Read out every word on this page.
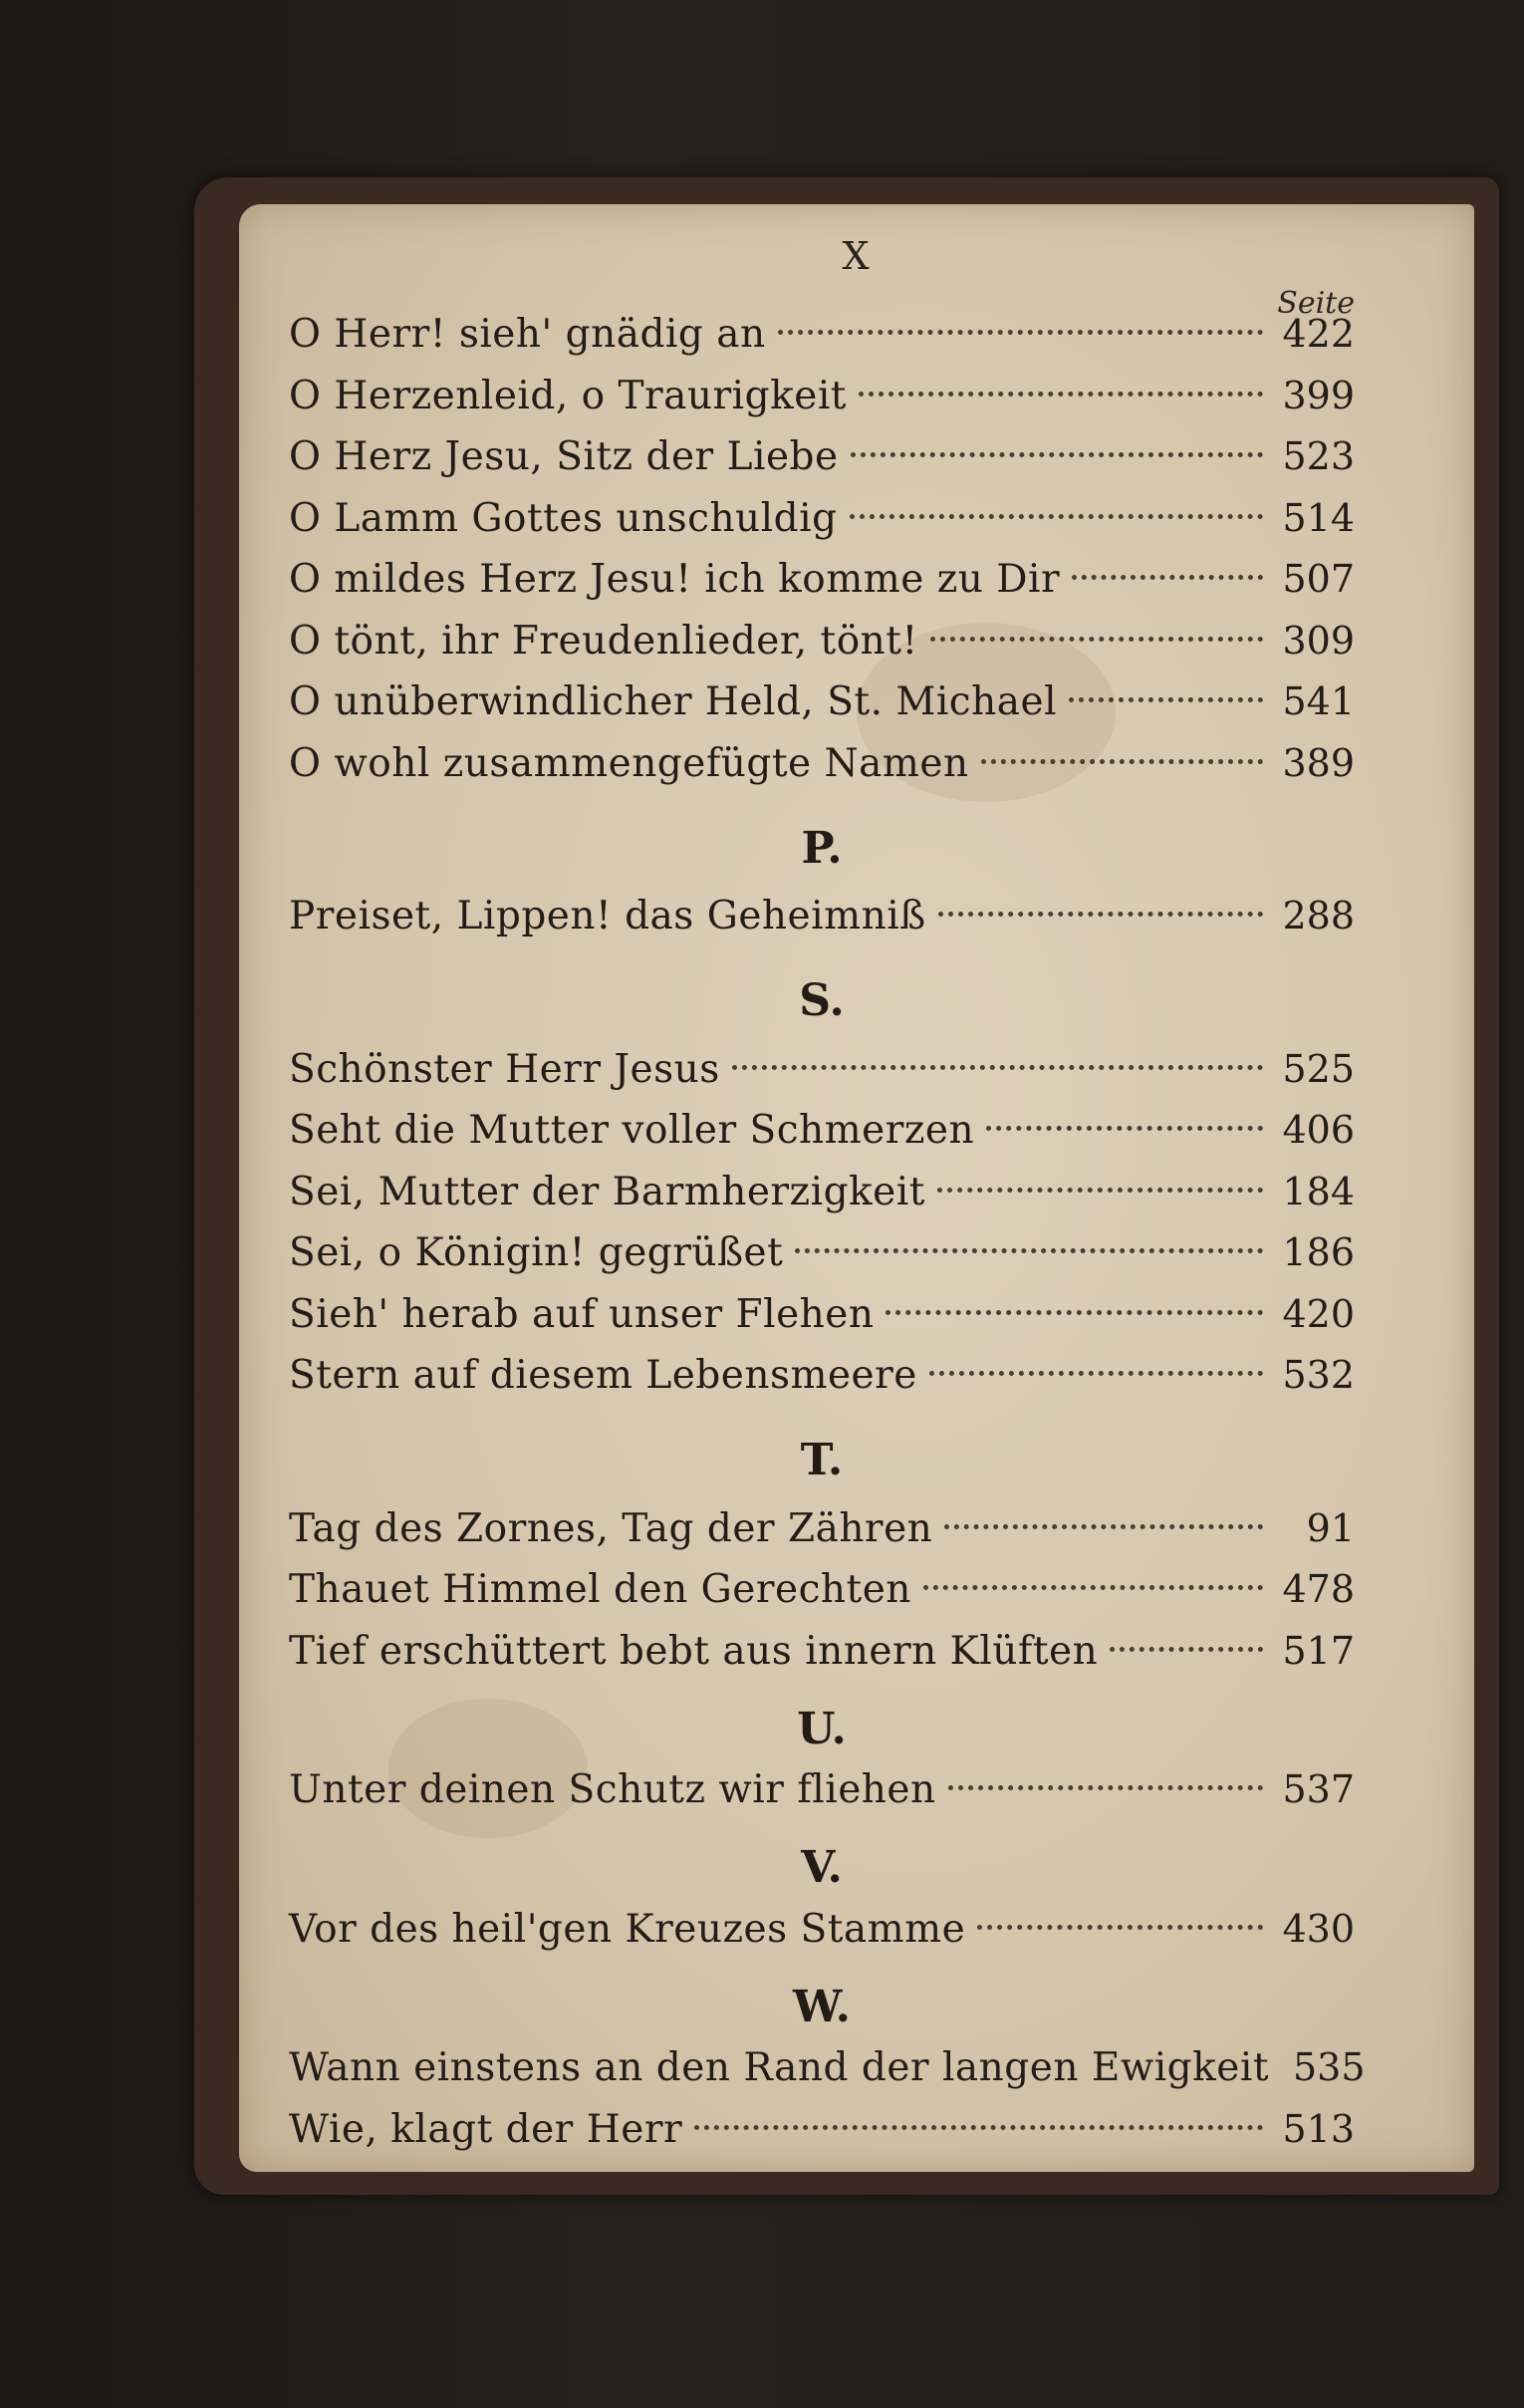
X
Seite
O Herr! sieh' gnädig an	422
O Herzenleid, o Traurigkeit	399
O Herz Jesu, Sitz der Liebe	523
O Lamm Gottes unschuldig	514
O mildes Herz Jesu! ich komme zu Dir	507
O tönt, ihr Freudenlieder, tönt!	309
O unüberwindlicher Held, St. Michael	541
O wohl zusammengefügte Namen	389
P.
Preiset, Lippen! das Geheimniß	288
S.
Schönster Herr Jesus	525
Seht die Mutter voller Schmerzen	406
Sei, Mutter der Barmherzigkeit	184
Sei, o Königin! gegrüßet	186
Sieh' herab auf unser Flehen	420
Stern auf diesem Lebensmeere	532
T.
Tag des Zornes, Tag der Zähren	91
Thauet Himmel den Gerechten	478
Tief erschüttert bebt aus innern Klüften	517
U.
Unter deinen Schutz wir fliehen	537
V.
Vor des heil'gen Kreuzes Stamme	430
W.
Wann einstens an den Rand der langen Ewigkeit 535
Wie, klagt der Herr	513
